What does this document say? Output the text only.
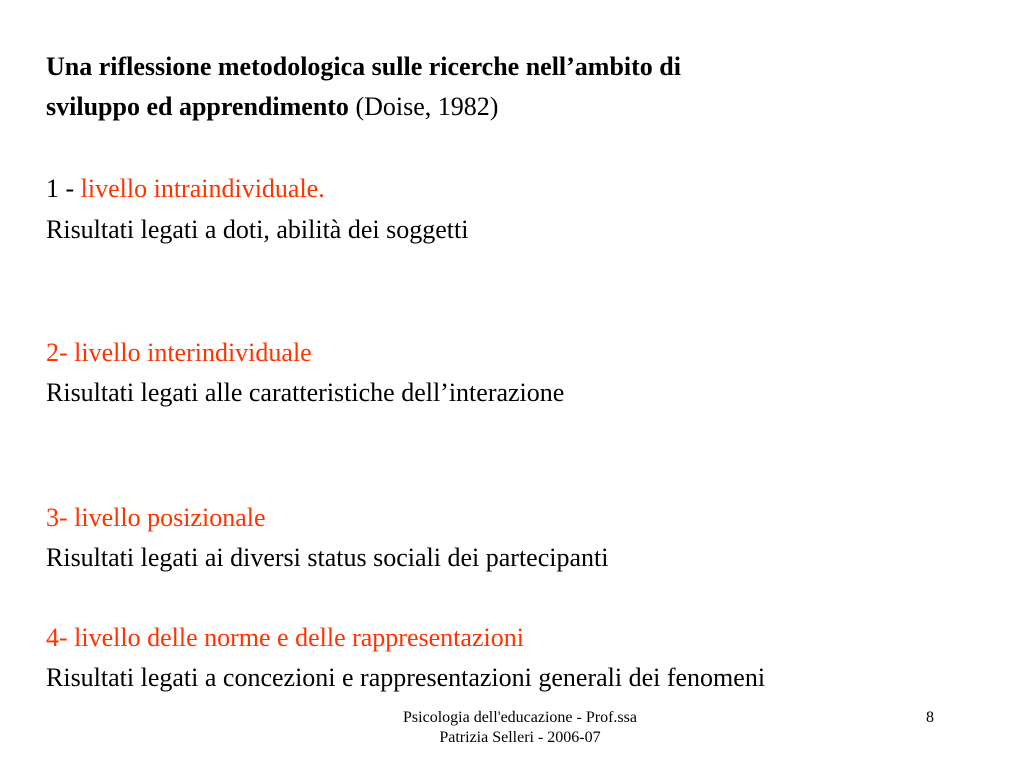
Una riflessione metodologica sulle ricerche nell’ambito di
sviluppo ed apprendimento (Doise, 1982)
1 - livello intraindividuale.
Risultati legati a doti, abilità dei soggetti
2- livello interindividuale
Risultati legati alle caratteristiche dell’interazione
3- livello posizionale
Risultati legati ai diversi status sociali dei partecipanti
4- livello delle norme e delle rappresentazioni
Risultati legati a concezioni e rappresentazioni generali dei fenomeni
Psicologia dell'educazione - Prof.ssa
Patrizia Selleri - 2006-07
8
